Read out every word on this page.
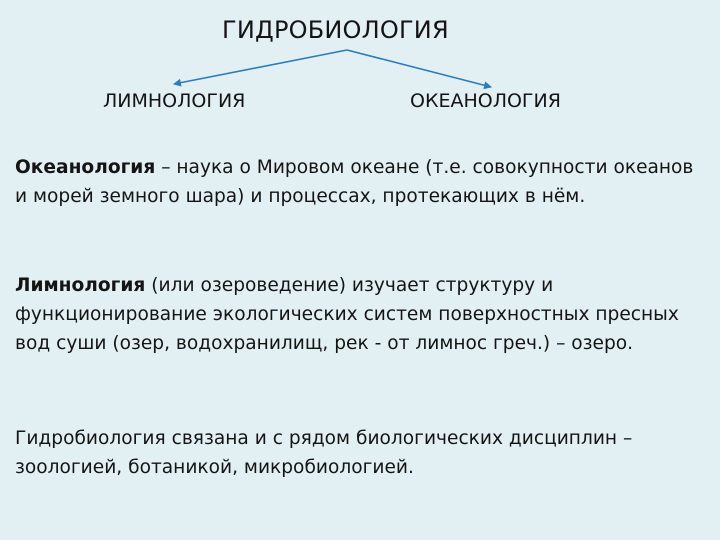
ГИДРОБИОЛОГИЯ
ЛИМНОЛОГИЯ	ОКЕАНОЛОГИЯ

Океанология – наука о Мировом океане (т.е. совокупности океанов и морей земного шара) и процессах, протекающих в нём.

Лимнология (или озероведение) изучает структуру и функционирование экологических систем поверхностных пресных вод суши (озер, водохранилищ, рек - от лимнос греч.) – озеро.

Гидробиология связана и с рядом биологических дисциплин – зоологией, ботаникой, микробиологией.
